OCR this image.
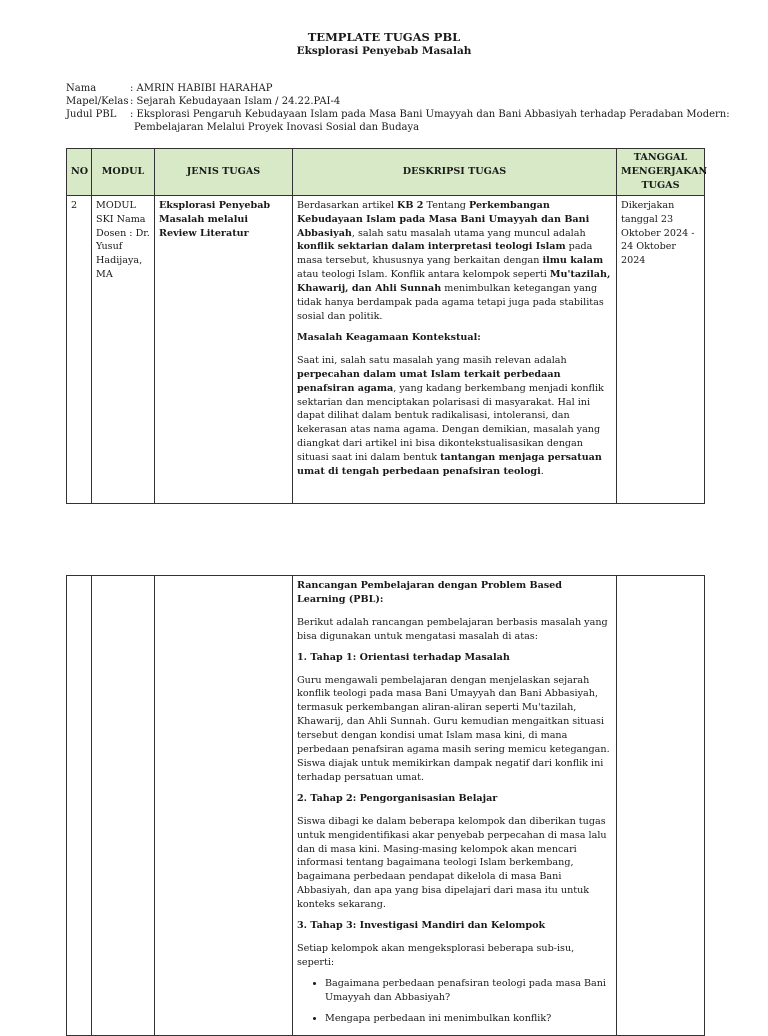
TEMPLATE TUGAS PBL
Eksplorasi Penyebab Masalah
Nama	: AMRIN HABIBI HARAHAP
Mapel/Kelas : Sejarah Kebudayaan Islam / 24.22.PAI-4
Judul PBL : Eksplorasi Pengaruh Kebudayaan Islam pada Masa Bani Umayyah dan Bani Abbasiyah terhadap Peradaban Modern:
Pembelajaran Melalui Proyek Inovasi Sosial dan Budaya
NO	MODUL	JENIS TUGAS	DESKRIPSI TUGAS	TANGGAL MENGERJAKAN TUGAS
2	MODUL SKI Nama Dosen : Dr. Yusuf Hadijaya, MA	Eksplorasi Penyebab Masalah melalui Review Literatur	Berdasarkan artikel KB 2 Tentang Perkembangan Kebudayaan Islam pada Masa Bani Umayyah dan Bani Abbasiyah, salah satu masalah utama yang muncul adalah konflik sektarian dalam interpretasi teologi Islam pada masa tersebut, khususnya yang berkaitan dengan ilmu kalam atau teologi Islam. Konflik antara kelompok seperti Mu'tazilah, Khawarij, dan Ahli Sunnah menimbulkan ketegangan yang tidak hanya berdampak pada agama tetapi juga pada stabilitas sosial dan politik.

Masalah Keagamaan Kontekstual:

Saat ini, salah satu masalah yang masih relevan adalah perpecahan dalam umat Islam terkait perbedaan penafsiran agama, yang kadang berkembang menjadi konflik sektarian dan menciptakan polarisasi di masyarakat. Hal ini dapat dilihat dalam bentuk radikalisasi, intoleransi, dan kekerasan atas nama agama. Dengan demikian, masalah yang diangkat dari artikel ini bisa dikontekstualisasikan dengan situasi saat ini dalam bentuk tantangan menjaga persatuan umat di tengah perbedaan penafsiran teologi.	Dikerjakan tanggal 23 Oktober 2024 - 24 Oktober 2024

Rancangan Pembelajaran dengan Problem Based Learning (PBL):

Berikut adalah rancangan pembelajaran berbasis masalah yang bisa digunakan untuk mengatasi masalah di atas:

1. Tahap 1: Orientasi terhadap Masalah

Guru mengawali pembelajaran dengan menjelaskan sejarah konflik teologi pada masa Bani Umayyah dan Bani Abbasiyah, termasuk perkembangan aliran-aliran seperti Mu'tazilah, Khawarij, dan Ahli Sunnah. Guru kemudian mengaitkan situasi tersebut dengan kondisi umat Islam masa kini, di mana perbedaan penafsiran agama masih sering memicu ketegangan. Siswa diajak untuk memikirkan dampak negatif dari konflik ini terhadap persatuan umat.

2. Tahap 2: Pengorganisasian Belajar

Siswa dibagi ke dalam beberapa kelompok dan diberikan tugas untuk mengidentifikasi akar penyebab perpecahan di masa lalu dan di masa kini. Masing-masing kelompok akan mencari informasi tentang bagaimana teologi Islam berkembang, bagaimana perbedaan pendapat dikelola di masa Bani Abbasiyah, dan apa yang bisa dipelajari dari masa itu untuk konteks sekarang.

3. Tahap 3: Investigasi Mandiri dan Kelompok

Setiap kelompok akan mengeksplorasi beberapa sub-isu, seperti:

• Bagaimana perbedaan penafsiran teologi pada masa Bani Umayyah dan Abbasiyah?
• Mengapa perbedaan ini menimbulkan konflik?
